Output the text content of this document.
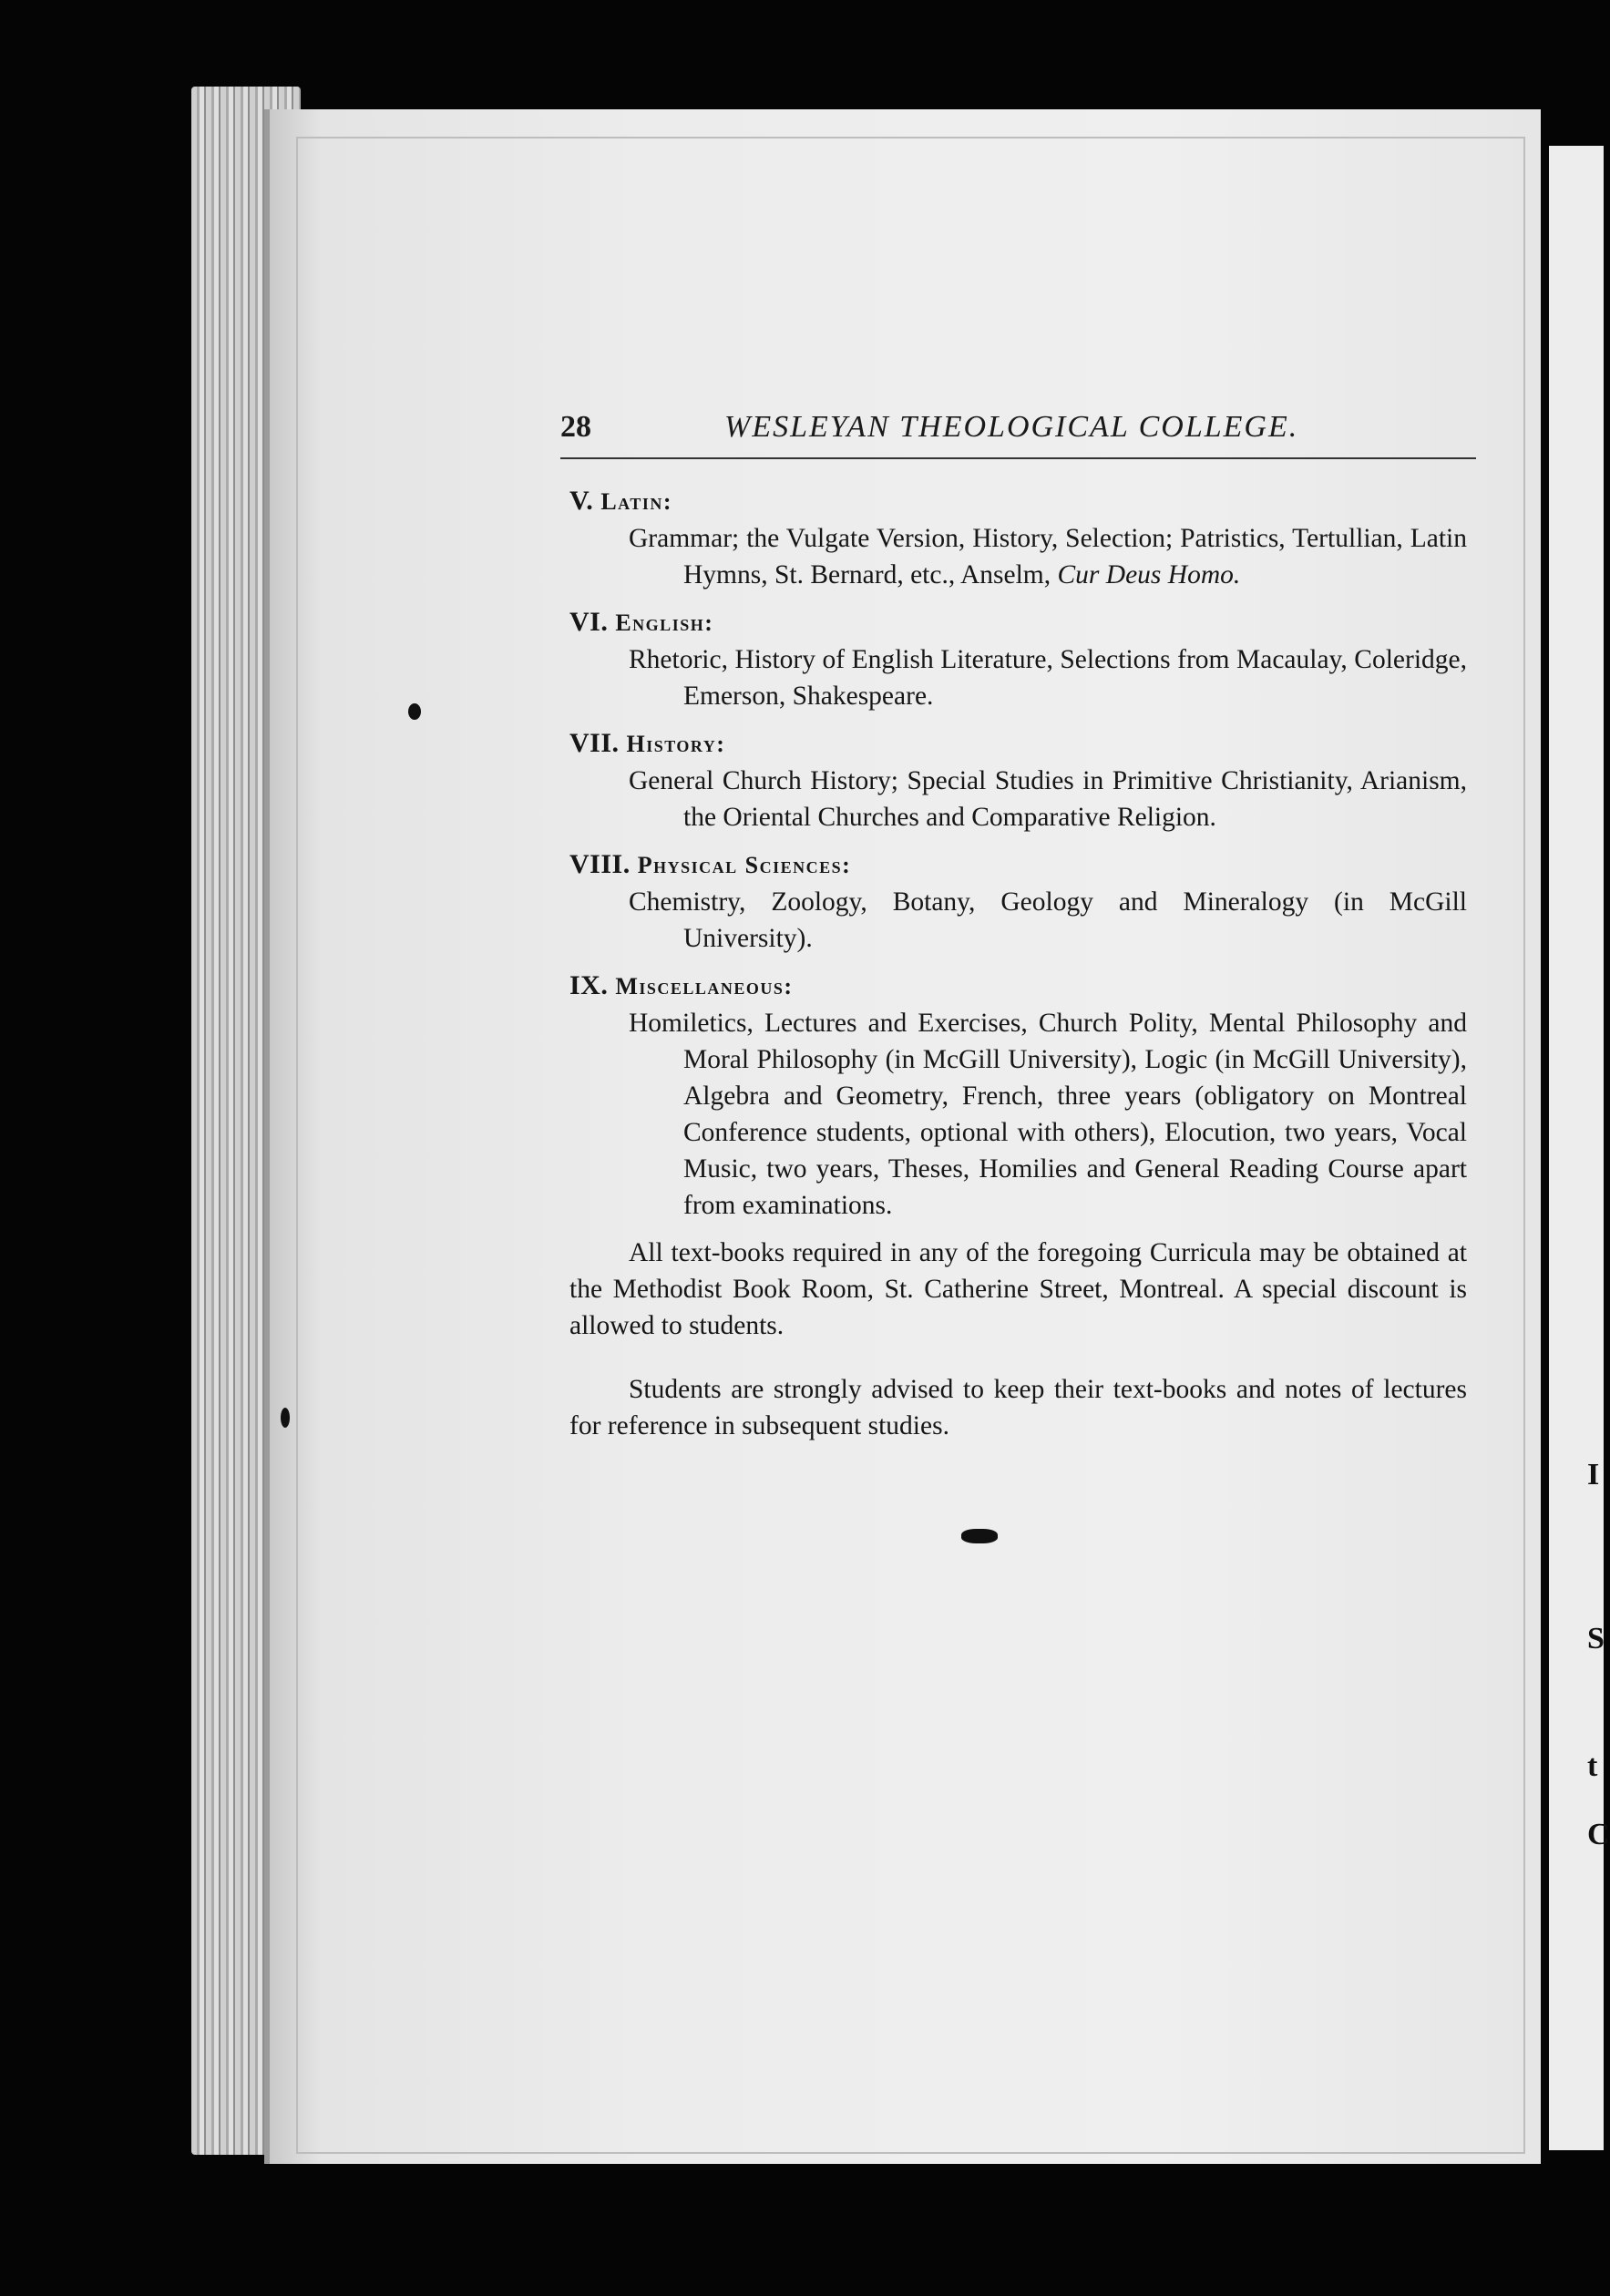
I
S
t
C
28	WESLEYAN THEOLOGICAL COLLEGE.
V. Latin:
Grammar; the Vulgate Version, History, Selection; Patristics, Tertullian, Latin Hymns, St. Bernard, etc., Anselm, Cur Deus Homo.
VI. English:
Rhetoric, History of English Literature, Selections from Macaulay, Coleridge, Emerson, Shakespeare.
VII. History:
General Church History; Special Studies in Primitive Christianity, Arianism, the Oriental Churches and Comparative Religion.
VIII. Physical Sciences:
Chemistry, Zoology, Botany, Geology and Mineralogy (in McGill University).
IX. Miscellaneous:
Homiletics, Lectures and Exercises, Church Polity, Mental Philosophy and Moral Philosophy (in McGill University), Logic (in McGill University), Algebra and Geometry, French, three years (obligatory on Montreal Conference students, optional with others), Elocution, two years, Vocal Music, two years, Theses, Homilies and General Reading Course apart from examinations.

All text-books required in any of the foregoing Curricula may be obtained at the Methodist Book Room, St. Catherine Street, Montreal. A special discount is allowed to students.

Students are strongly advised to keep their text-books and notes of lectures for reference in subsequent studies.
